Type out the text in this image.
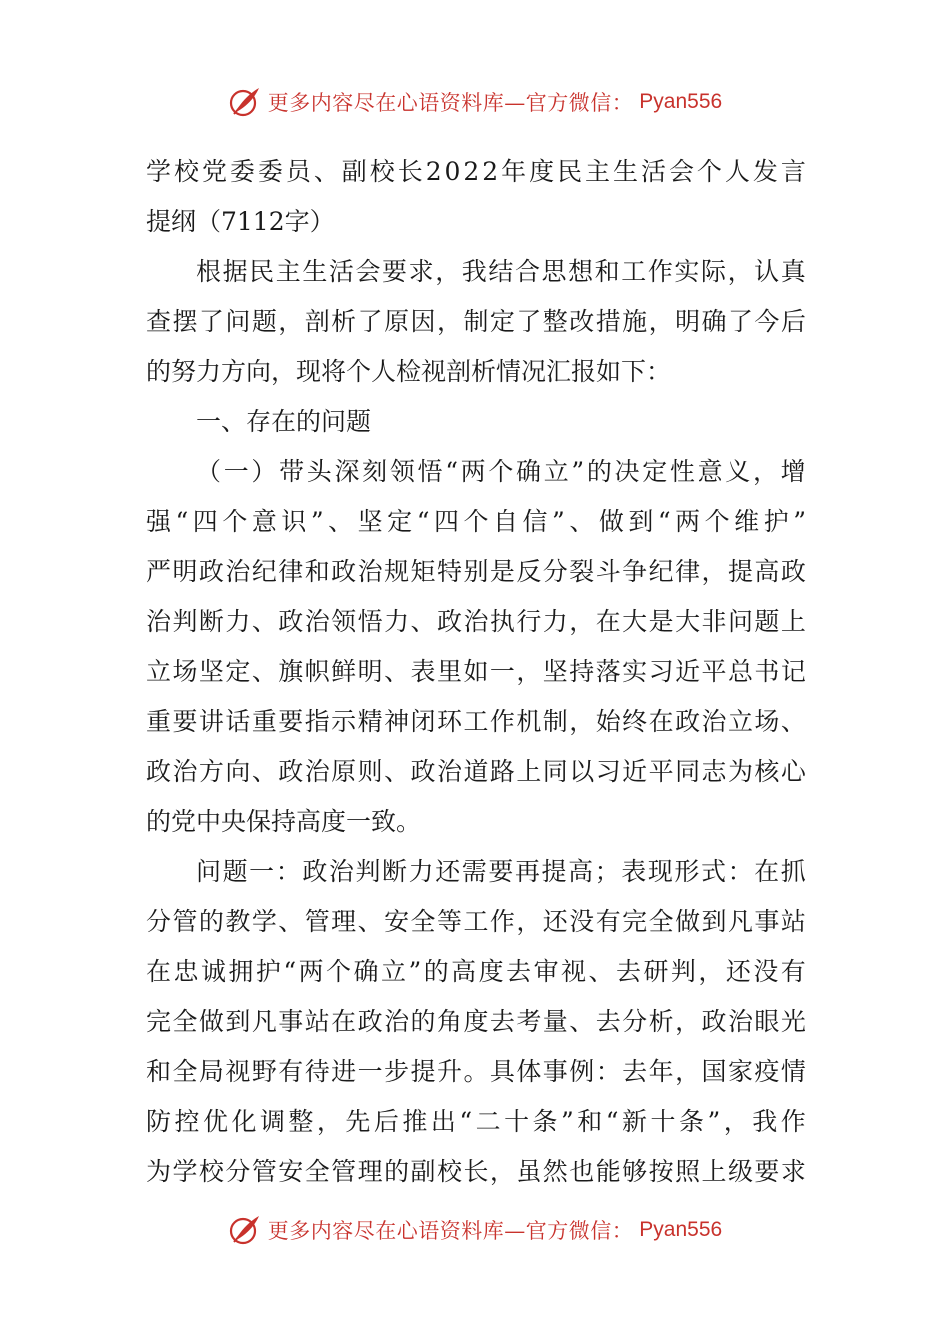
更多内容尽在心语资料库—官方微信： Pyan556
学 校 党 委 委 员 、 副 校 长 2 0 2 2 年 度 民 主 生 活 会 个 人 发 言
提纲（7112字）
根 据 民 主 生 活 会 要 求 ， 我 结 合 思 想 和 工 作 实 际 ， 认 真
查 摆 了 问 题 ， 剖 析 了 原 因 ， 制 定 了 整 改 措 施 ， 明 确 了 今 后
的努力方向，现将个人检视剖析情况汇报如下：
一、存在的问题
（ 一 ） 带 头 深 刻 领 悟 “ 两 个 确 立 ” 的 决 定 性 意 义 ， 增
强 “ 四 个 意 识 ” 、 坚 定 “ 四 个 自 信 ” 、 做 到 “ 两 个 维 护 ”
严 明 政 治 纪 律 和 政 治 规 矩 特 别 是 反 分 裂 斗 争 纪 律 ， 提 高 政
治 判 断 力 、 政 治 领 悟 力 、 政 治 执 行 力 ， 在 大 是 大 非 问 题 上
立 场 坚 定 、 旗 帜 鲜 明 、 表 里 如 一 ， 坚 持 落 实 习 近 平 总 书 记
重 要 讲 话 重 要 指 示 精 神 闭 环 工 作 机 制 ， 始 终 在 政 治 立 场 、
政 治 方 向 、 政 治 原 则 、 政 治 道 路 上 同 以 习 近 平 同 志 为 核 心
的党中央保持高度一致。
问 题 一 ： 政 治 判 断 力 还 需 要 再 提 高 ； 表 现 形 式 ： 在 抓
分 管 的 教 学 、 管 理 、 安 全 等 工 作 ， 还 没 有 完 全 做 到 凡 事 站
在 忠 诚 拥 护 “ 两 个 确 立 ” 的 高 度 去 审 视 、 去 研 判 ， 还 没 有
完 全 做 到 凡 事 站 在 政 治 的 角 度 去 考 量 、 去 分 析 ， 政 治 眼 光
和 全 局 视 野 有 待 进 一 步 提 升 。 具 体 事 例 ： 去 年 ， 国 家 疫 情
防 控 优 化 调 整 ， 先 后 推 出 “ 二 十 条 ” 和 “ 新 十 条 ” ， 我 作
为 学 校 分 管 安 全 管 理 的 副 校 长 ， 虽 然 也 能 够 按 照 上 级 要 求
更多内容尽在心语资料库—官方微信： Pyan556
